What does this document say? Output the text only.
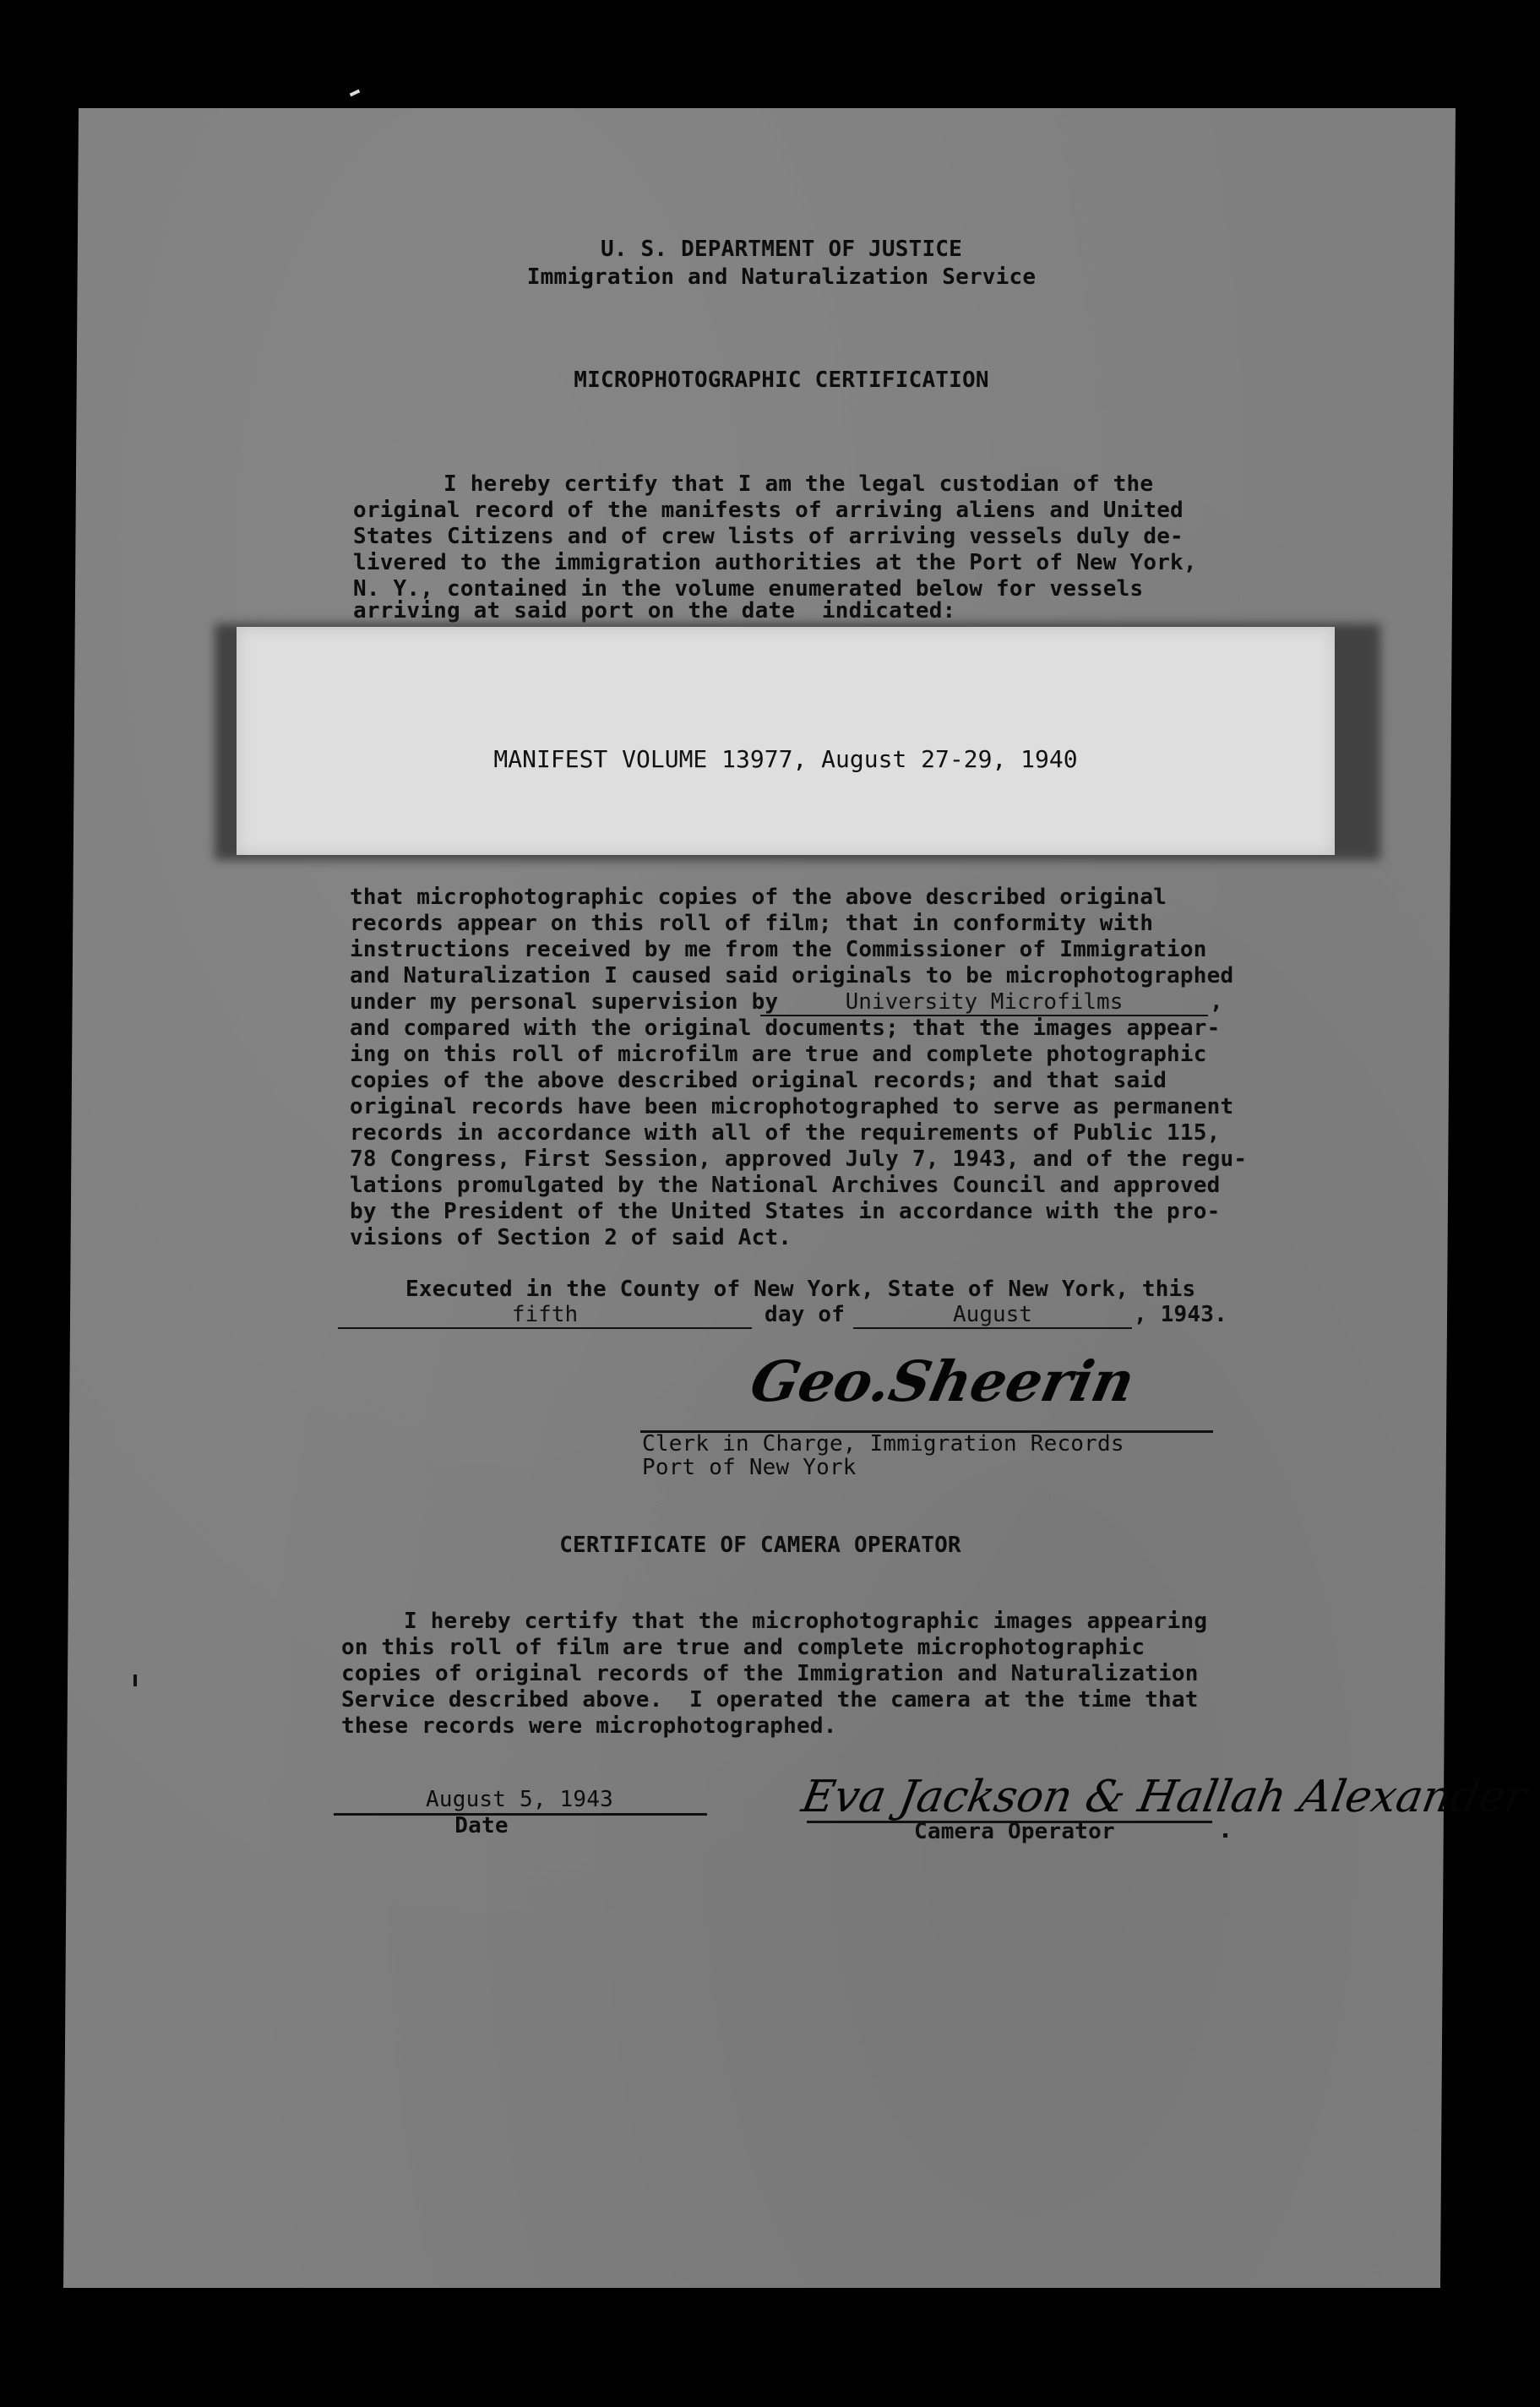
U. S. DEPARTMENT OF JUSTICE
Immigration and Naturalization Service
MICROPHOTOGRAPHIC CERTIFICATION
I hereby certify that I am the legal custodian of the
original record of the manifests of arriving aliens and United
States Citizens and of crew lists of arriving vessels duly de-
livered to the immigration authorities at the Port of New York,
N. Y., contained in the volume enumerated below for vessels
arriving at said port on the date  indicated:
MANIFEST VOLUME 13977, August 27-29, 1940
that microphotographic copies of the above described original
records appear on this roll of film; that in conformity with
instructions received by me from the Commissioner of Immigration
and Naturalization I caused said originals to be microphotographed
under my personal supervision by	University Microfilms	,
and compared with the original documents; that the images appear-
ing on this roll of microfilm are true and complete photographic
copies of the above described original records; and that said
original records have been microphotographed to serve as permanent
records in accordance with all of the requirements of Public 115,
78 Congress, First Session, approved July 7, 1943, and of the regu-
lations promulgated by the National Archives Council and approved
by the President of the United States in accordance with the pro-
visions of Section 2 of said Act.
Executed in the County of New York, State of New York, this
fifth	day of	August	, 1943.
Geo.Sheerin
Clerk in Charge, Immigration Records
Port of New York
CERTIFICATE OF CAMERA OPERATOR
I hereby certify that the microphotographic images appearing
on this roll of film are true and complete microphotographic
copies of original records of the Immigration and Naturalization
Service described above.  I operated the camera at the time that
these records were microphotographed.
August 5, 1943
Date
Eva Jackson & Hallah Alexander
Camera Operator
